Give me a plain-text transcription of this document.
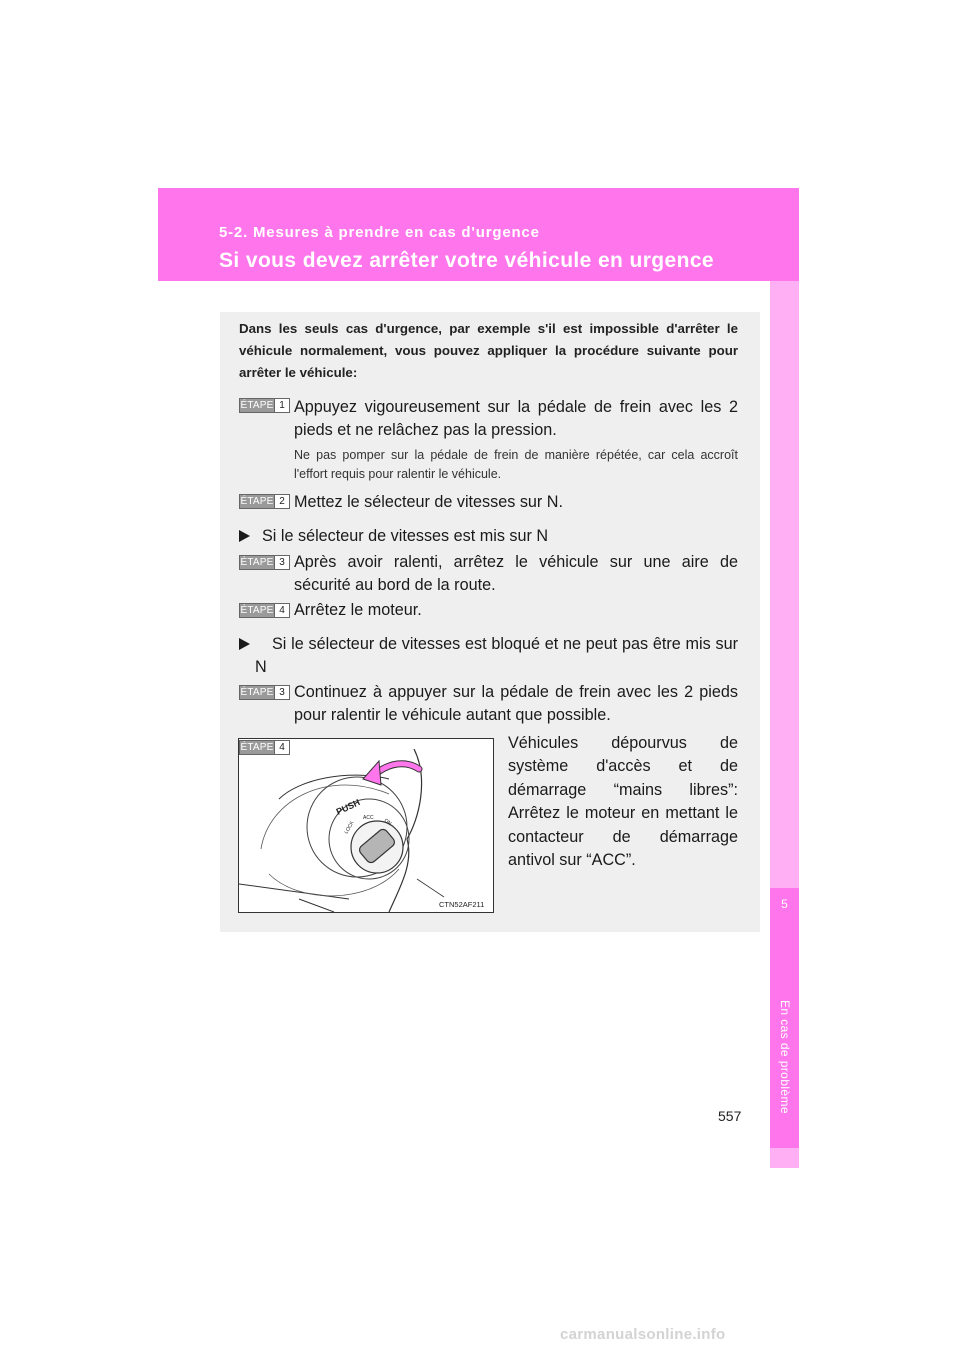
5-2. Mesures à prendre en cas d'urgence
Si vous devez arrêter votre véhicule en urgence
5
En cas de problème
Dans les seuls cas d'urgence, par exemple s'il est impossible d'arrêter le véhicule normalement, vous pouvez appliquer la procédure suivante pour arrêter le véhicule:
ÉTAPE 1 Appuyez vigoureusement sur la pédale de frein avec les 2 pieds et ne relâchez pas la pression.
Ne pas pomper sur la pédale de frein de manière répétée, car cela accroît l'effort requis pour ralentir le véhicule.
ÉTAPE 2 Mettez le sélecteur de vitesses sur N.
Si le sélecteur de vitesses est mis sur N
ÉTAPE 3 Après avoir ralenti, arrêtez le véhicule sur une aire de sécurité au bord de la route.
ÉTAPE 4 Arrêtez le moteur.
Si le sélecteur de vitesses est bloqué et ne peut pas être mis sur N
ÉTAPE 3 Continuez à appuyer sur la pédale de frein avec les 2 pieds pour ralentir le véhicule autant que possible.
PUSH
LOCK
ACC ON
CTN52AF211
ÉTAPE 4	Véhicules dépourvus de système d'accès et de démarrage “mains libres”: Arrêtez le moteur en mettant le contacteur de démarrage antivol sur “ACC”.
557
carmanualsonline.info
